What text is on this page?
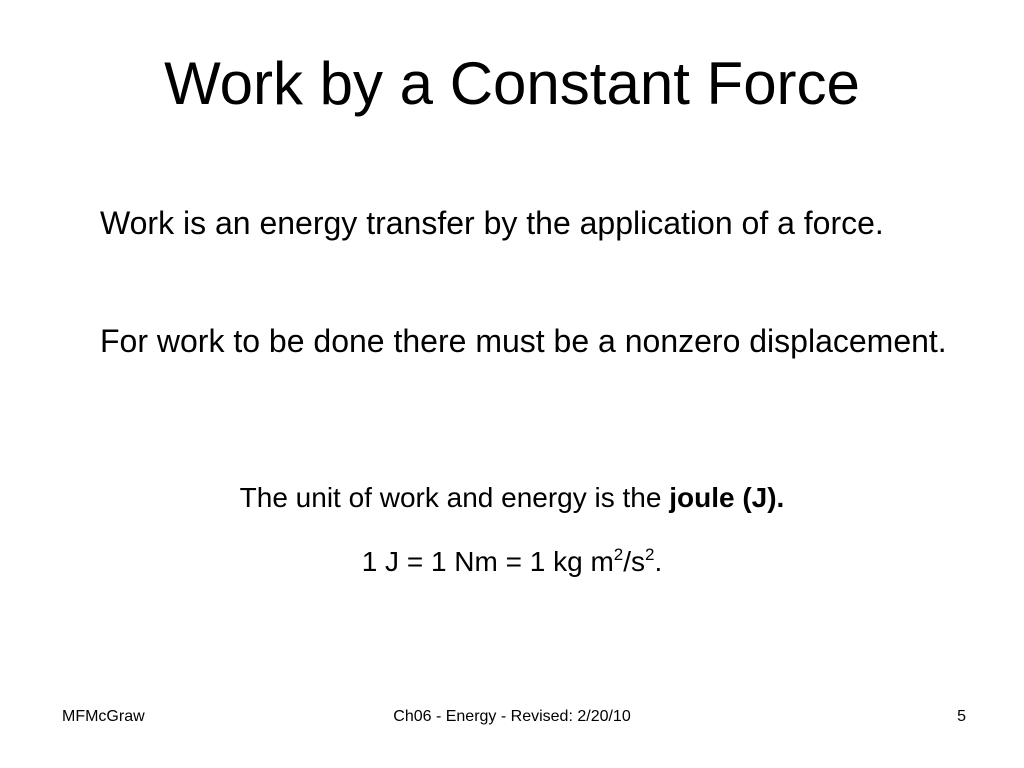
Work by a Constant Force

Work is an energy transfer by the application of a force.

For work to be done there must be a nonzero displacement.

The unit of work and energy is the joule (J).

1 J = 1 Nm = 1 kg $m^2/s^2$.

MFMcGraw	Ch06 - Energy - Revised: 2/20/10	5
